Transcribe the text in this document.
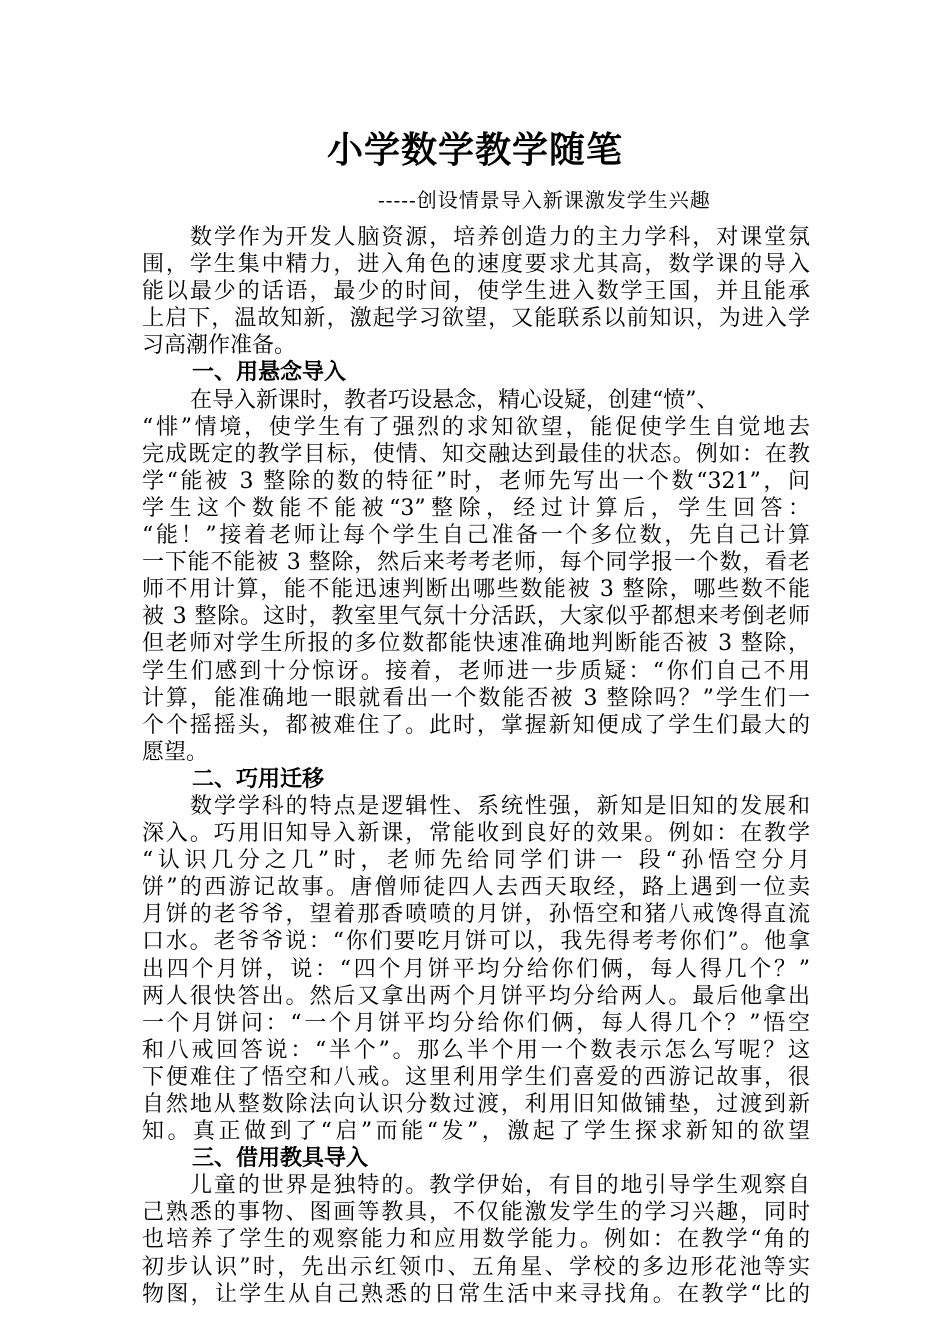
小学数学教学随笔
-----创设情景导入新课激发学生兴趣
数学作为开发人脑资源，培养创造力的主力学科，对课堂氛
围，学生集中精力，进入角色的速度要求尤其高，数学课的导入
能以最少的话语，最少的时间，使学生进入数学王国，并且能承
上启下，温故知新，激起学习欲望，又能联系以前知识，为进入学
习高潮作准备。
一、用悬念导入
在导入新课时，教者巧设悬念，精心设疑，创建“愤”、
“悱”情境，使学生有了强烈的求知欲望，能促使学生自觉地去
完成既定的教学目标，使情、知交融达到最佳的状态。例如：在教
学“能被 3 整除的数的特征”时，老师先写出一个数“321”，问
学生这个数能不能被“3”整除，经过计算后，学生回答：
“能！”接着老师让每个学生自己准备一个多位数，先自己计算
一下能不能被 3 整除，然后来考考老师，每个同学报一个数，看老
师不用计算，能不能迅速判断出哪些数能被 3 整除，哪些数不能
被 3 整除。这时，教室里气氛十分活跃，大家似乎都想来考倒老师
但老师对学生所报的多位数都能快速准确地判断能否被 3 整除，
学生们感到十分惊讶。接着，老师进一步质疑：“你们自己不用
计算，能准确地一眼就看出一个数能否被 3 整除吗？”学生们一
个个摇摇头，都被难住了。此时，掌握新知便成了学生们最大的
愿望。
二、巧用迁移
数学学科的特点是逻辑性、系统性强，新知是旧知的发展和
深入。巧用旧知导入新课，常能收到良好的效果。例如：在教学
“认识几分之几”时，老师先给同学们讲一 段“孙悟空分月
饼”的西游记故事。唐僧师徒四人去西天取经，路上遇到一位卖
月饼的老爷爷，望着那香喷喷的月饼，孙悟空和猪八戒馋得直流
口水。老爷爷说：“你们要吃月饼可以，我先得考考你们”。他拿
出四个月饼，说：“四个月饼平均分给你们俩，每人得几个？”
两人很快答出。然后又拿出两个月饼平均分给两人。最后他拿出
一个月饼问：“一个月饼平均分给你们俩，每人得几个？”悟空
和八戒回答说：“半个”。那么半个用一个数表示怎么写呢？这
下便难住了悟空和八戒。这里利用学生们喜爱的西游记故事，很
自然地从整数除法向认识分数过渡，利用旧知做铺垫，过渡到新
知。真正做到了“启”而能“发”，激起了学生探求新知的欲望
三、借用教具导入
儿童的世界是独特的。教学伊始，有目的地引导学生观察自
己熟悉的事物、图画等教具，不仅能激发学生的学习兴趣，同时
也培养了学生的观察能力和应用数学能力。例如：在教学“角的
初步认识”时，先出示红领巾、五角星、学校的多边形花池等实
物图，让学生从自己熟悉的日常生活中来寻找角。在教学“比的
